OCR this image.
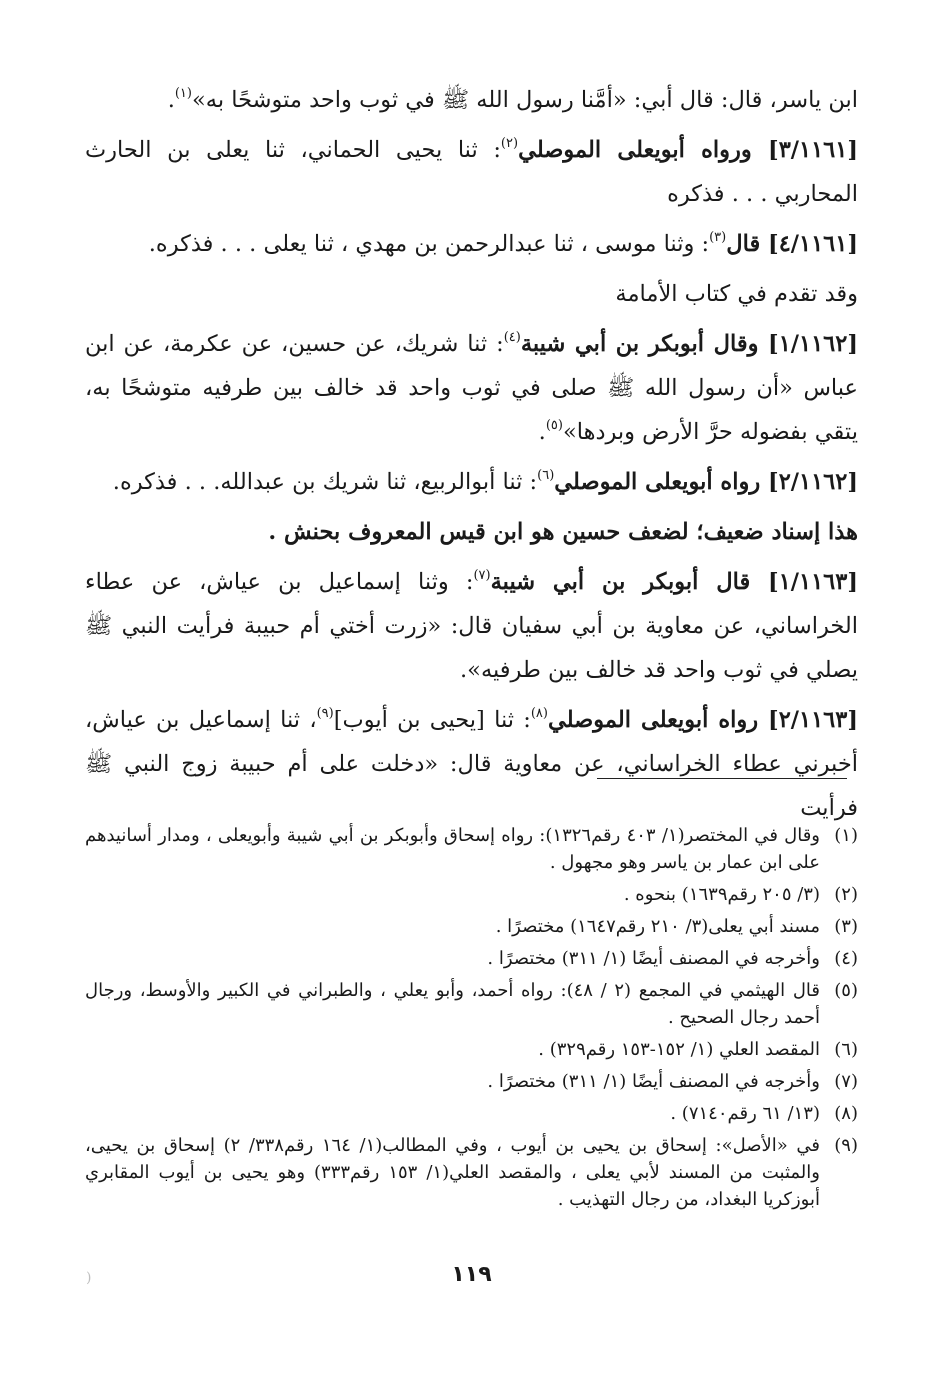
ابن ياسر، قال: قال أبي: «أمَّنا رسول الله ﷺ في ثوب واحد متوشحًا به»$^{(١)}$.

[٣/١١٦١] ورواه أبويعلى الموصلي$^{(٢)}$: ثنا يحيى الحماني، ثنا يعلى بن الحارث المحاربي . . . فذكره

[٤/١١٦١] قال$^{(٣)}$: وثنا موسى ، ثنا عبدالرحمن بن مهدي ، ثنا يعلى . . . فذكره.

وقد تقدم في كتاب الأمامة

[١/١١٦٢] وقال أبوبكر بن أبي شيبة$^{(٤)}$: ثنا شريك، عن حسين، عن عكرمة، عن ابن عباس «أن رسول الله ﷺ صلى في ثوب واحد قد خالف بين طرفيه متوشحًا به، يتقي بفضوله حرَّ الأرض وبردها»$^{(٥)}$.

[٢/١١٦٢] رواه أبويعلى الموصلي$^{(٦)}$: ثنا أبوالربيع، ثنا شريك بن عبدالله. . . فذكره.

هذا إسناد ضعيف؛ لضعف حسين هو ابن قيس المعروف بحنش .

[١/١١٦٣] قال أبوبكر بن أبي شيبة$^{(٧)}$: وثنا إسماعيل بن عياش، عن عطاء الخراساني، عن معاوية بن أبي سفيان قال: «زرت أختي أم حبيبة فرأيت النبي ﷺ يصلي في ثوب واحد قد خالف بين طرفيه».

[٢/١١٦٣] رواه أبويعلى الموصلي$^{(٨)}$: ثنا [يحيى بن أيوب]$^{(٩)}$، ثنا إسماعيل بن عياش، أخبرني عطاء الخراساني، عن معاوية قال: «دخلت على أم حبيبة زوج النبي ﷺ فرأيت

(١)
وقال في المختصر(١/ ٤٠٣ رقم١٣٢٦): رواه إسحاق وأبوبكر بن أبي شيبة وأبويعلى ، ومدار أسانيدهم على ابن عمار بن ياسر وهو مجهول .
(٢)
(٣/ ٢٠٥ رقم١٦٣٩) بنحوه .
(٣)
مسند أبي يعلى(٣/ ٢١٠ رقم١٦٤٧) مختصرًا .
(٤)
وأخرجه في المصنف أيضًا (١/ ٣١١) مختصرًا .
(٥)
قال الهيثمي في المجمع (٢ / ٤٨): رواه أحمد، وأبو يعلي ، والطبراني في الكبير والأوسط، ورجال أحمد رجال الصحيح .
(٦)
المقصد العلي (١/ ١٥٢-١٥٣ رقم٣٢٩) .
(٧)
وأخرجه في المصنف أيضًا (١/ ٣١١) مختصرًا .
(٨)
(١٣/ ٦١ رقم٧١٤٠) .
(٩)
في «الأصل»: إسحاق بن يحيى بن أيوب ، وفي المطالب(١/ ١٦٤ رقم٣٣٨/ ٢) إسحاق بن يحيى، والمثبت من المسند لأبي يعلى ، والمقصد العلي(١/ ١٥٣ رقم٣٣٣) وهو يحيى بن أيوب المقابري أبوزكريا البغداد، من رجال التهذيب .
)	١١٩
